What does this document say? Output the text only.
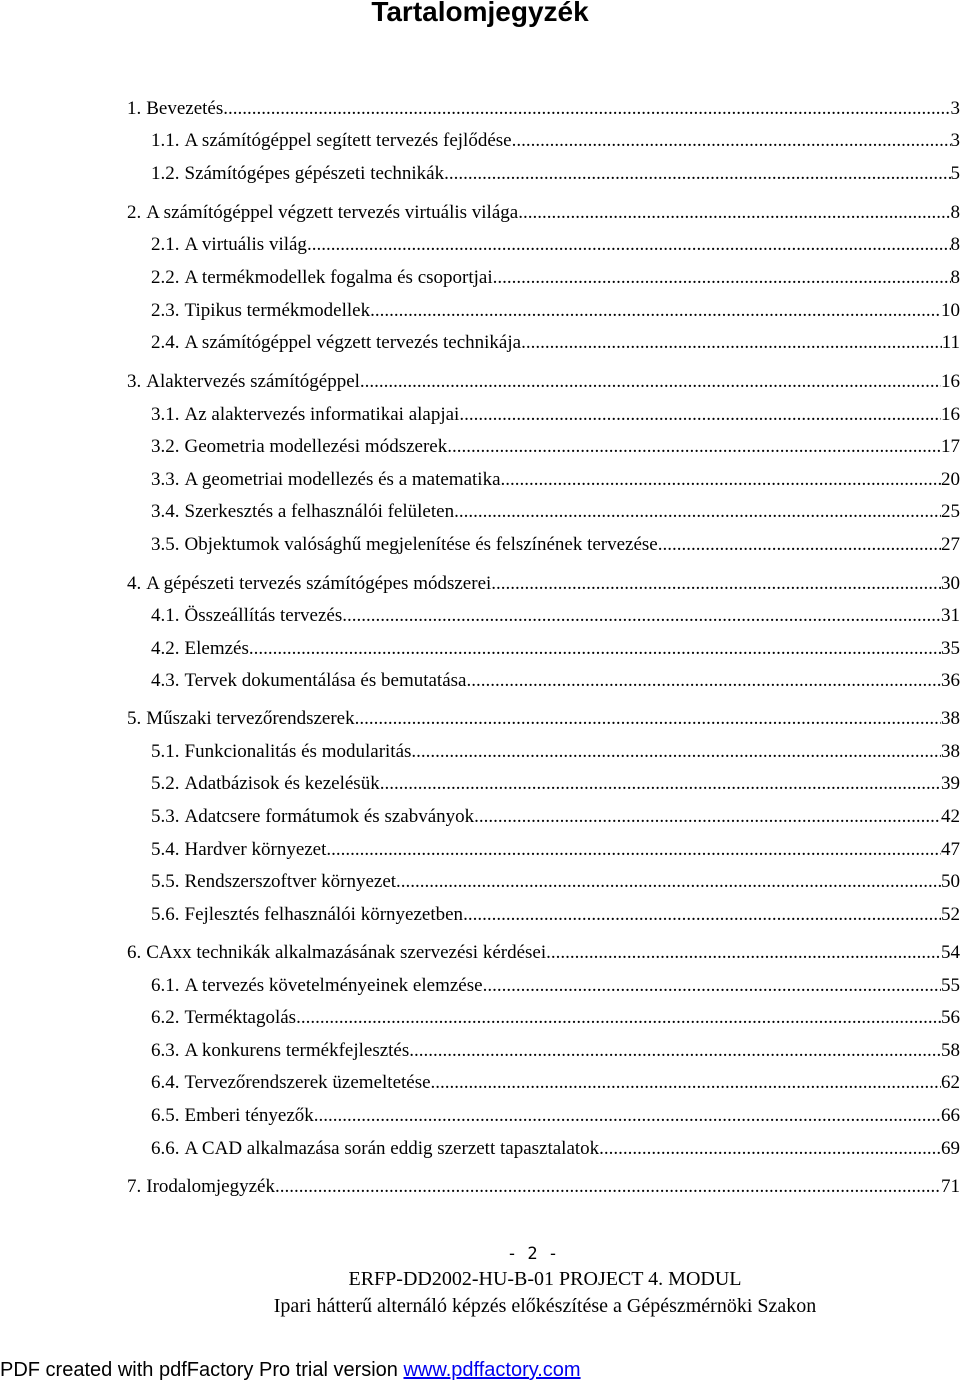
Tartalomjegyzék
1. Bevezetés .....	3
1.1. A számítógéppel segített tervezés fejlődése .....	3
1.2. Számítógépes gépészeti technikák .....	5
2. A számítógéppel végzett tervezés virtuális világa .....	8
2.1. A virtuális világ .....	8
2.2. A termékmodellek fogalma és csoportjai .....	8
2.3. Tipikus termékmodellek .....	10
2.4. A számítógéppel végzett tervezés technikája .....	11
3. Alaktervezés számítógéppel .....	16
3.1. Az alaktervezés informatikai alapjai .....	16
3.2. Geometria modellezési módszerek .....	17
3.3. A geometriai modellezés és a matematika .....	20
3.4. Szerkesztés a felhasználói felületen .....	25
3.5. Objektumok valósághű megjelenítése és felszínének tervezése .....	27
4. A gépészeti tervezés számítógépes módszerei .....	30
4.1. Összeállítás tervezés .....	31
4.2. Elemzés .....	35
4.3. Tervek dokumentálása és bemutatása .....	36
5. Műszaki tervezőrendszerek .....	38
5.1. Funkcionalitás és modularitás .....	38
5.2. Adatbázisok és kezelésük .....	39
5.3. Adatcsere formátumok és szabványok .....	42
5.4. Hardver környezet .....	47
5.5. Rendszerszoftver környezet .....	50
5.6. Fejlesztés felhasználói környezetben .....	52
6. CAxx technikák alkalmazásának szervezési kérdései .....	54
6.1. A tervezés követelményeinek elemzése .....	55
6.2. Terméktagolás .....	56
6.3. A konkurens termékfejlesztés .....	58
6.4. Tervezőrendszerek üzemeltetése .....	62
6.5. Emberi tényezők .....	66
6.6. A CAD alkalmazása során eddig szerzett tapasztalatok .....	69
7. Irodalomjegyzék .....	71
- 2 -
ERFP-DD2002-HU-B-01 PROJECT 4. MODUL
Ipari hátterű alternáló képzés előkészítése a Gépészmérnöki Szakon
PDF created with pdfFactory Pro trial version www.pdffactory.com
